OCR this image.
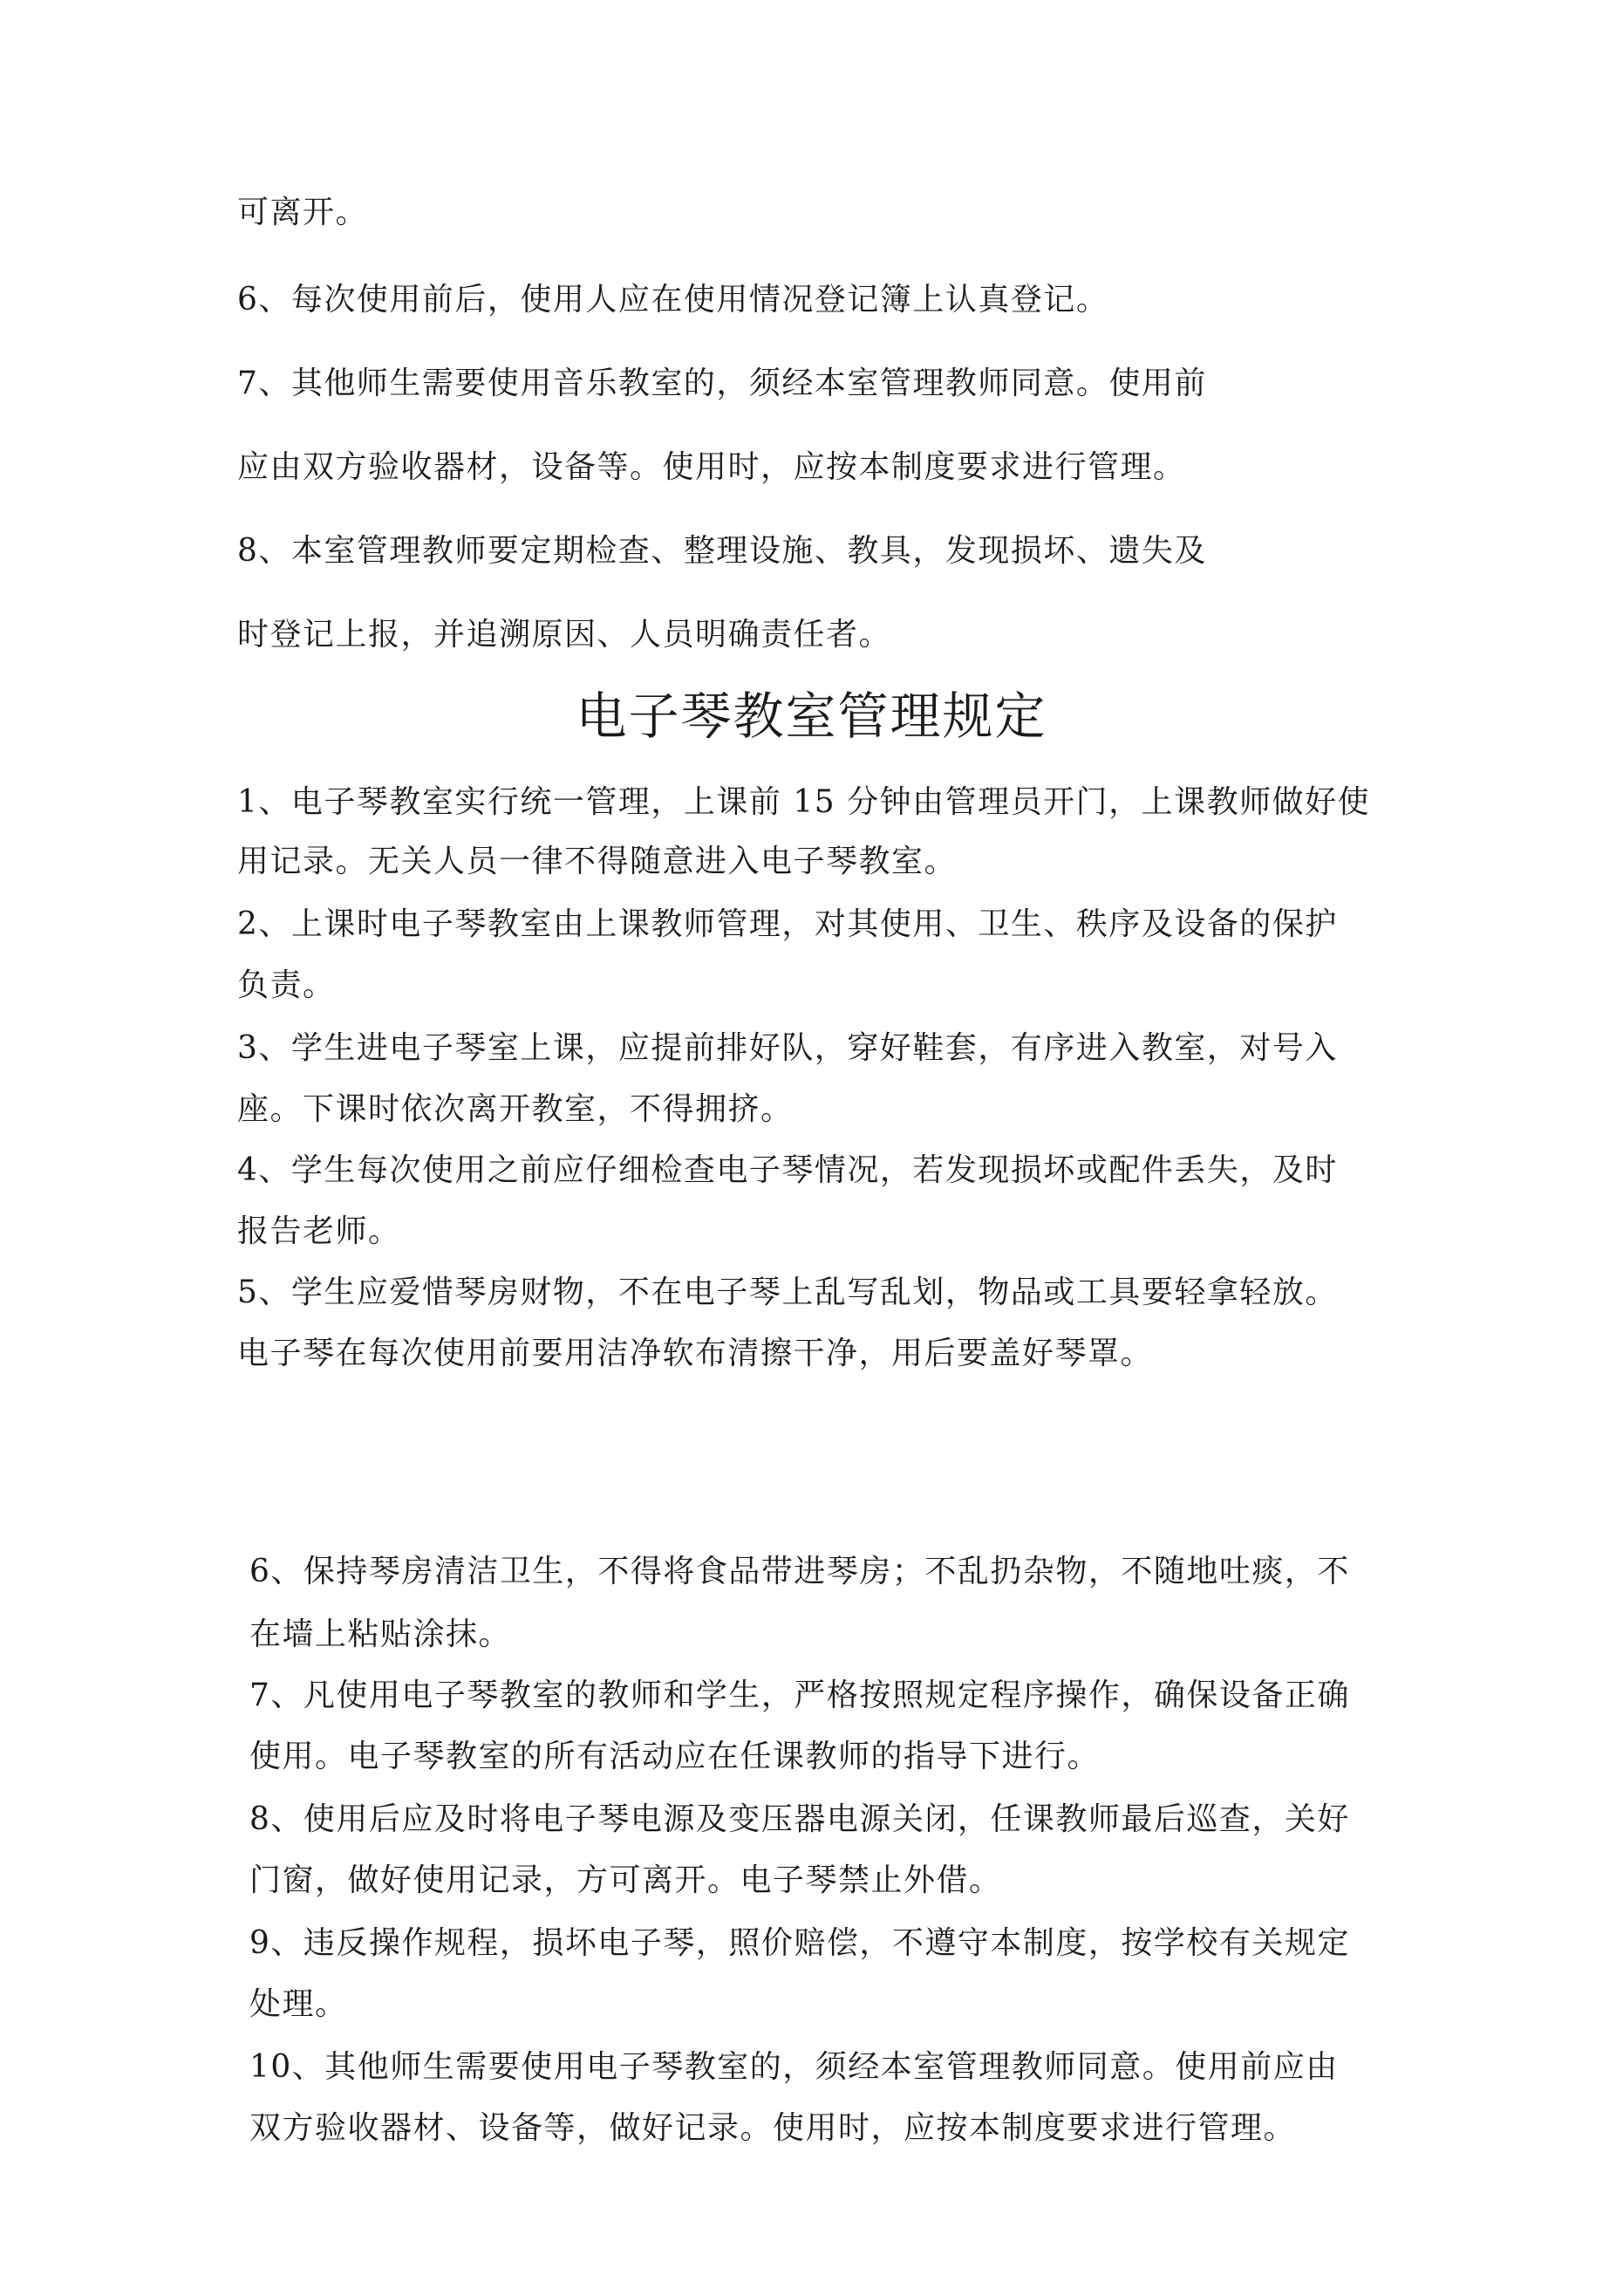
可离开。
6、每次使用前后，使用人应在使用情况登记簿上认真登记。
7、其他师生需要使用音乐教室的，须经本室管理教师同意。使用前
应由双方验收器材，设备等。使用时，应按本制度要求进行管理。
8、本室管理教师要定期检查、整理设施、教具，发现损坏、遗失及
时登记上报，并追溯原因、人员明确责任者。
电子琴教室管理规定
1、电子琴教室实行统一管理，上课前 15 分钟由管理员开门，上课教师做好使
用记录。无关人员一律不得随意进入电子琴教室。
2、上课时电子琴教室由上课教师管理，对其使用、卫生、秩序及设备的保护
负责。
3、学生进电子琴室上课，应提前排好队，穿好鞋套，有序进入教室，对号入
座。下课时依次离开教室，不得拥挤。
4、学生每次使用之前应仔细检查电子琴情况，若发现损坏或配件丢失，及时
报告老师。
5、学生应爱惜琴房财物，不在电子琴上乱写乱划，物品或工具要轻拿轻放。
电子琴在每次使用前要用洁净软布清擦干净，用后要盖好琴罩。
6、保持琴房清洁卫生，不得将食品带进琴房；不乱扔杂物，不随地吐痰，不
在墙上粘贴涂抹。
7、凡使用电子琴教室的教师和学生，严格按照规定程序操作，确保设备正确
使用。电子琴教室的所有活动应在任课教师的指导下进行。
8、使用后应及时将电子琴电源及变压器电源关闭，任课教师最后巡查，关好
门窗，做好使用记录，方可离开。电子琴禁止外借。
9、违反操作规程，损坏电子琴，照价赔偿，不遵守本制度，按学校有关规定
处理。
10、其他师生需要使用电子琴教室的，须经本室管理教师同意。使用前应由
双方验收器材、设备等，做好记录。使用时，应按本制度要求进行管理。
